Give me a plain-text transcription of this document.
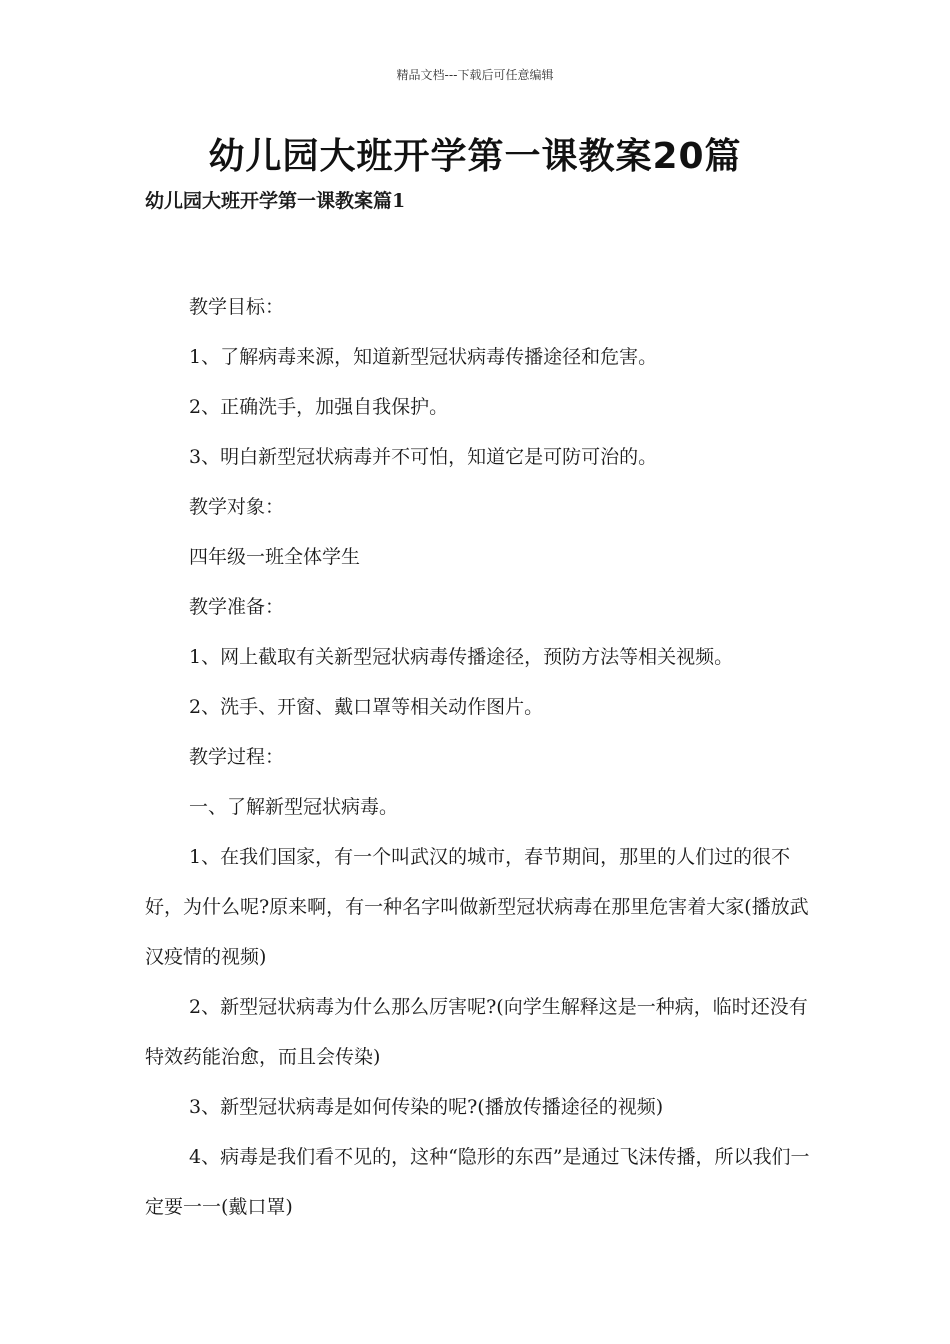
精品文档---下载后可任意编辑
幼儿园大班开学第一课教案20篇
幼儿园大班开学第一课教案篇1

教学目标：

1、了解病毒来源，知道新型冠状病毒传播途径和危害。

2、正确洗手，加强自我保护。

3、明白新型冠状病毒并不可怕，知道它是可防可治的。

教学对象：

四年级一班全体学生

教学准备：

1、网上截取有关新型冠状病毒传播途径，预防方法等相关视频。

2、洗手、开窗、戴口罩等相关动作图片。

教学过程：

一、了解新型冠状病毒。

1、在我们国家，有一个叫武汉的城市，春节期间，那里的人们过的很不好，为什么呢?原来啊，有一种名字叫做新型冠状病毒在那里危害着大家(播放武汉疫情的视频)

2、新型冠状病毒为什么那么厉害呢?(向学生解释这是一种病，临时还没有特效药能治愈，而且会传染)

3、新型冠状病毒是如何传染的呢?(播放传播途径的视频)

4、病毒是我们看不见的，这种“隐形的东西”是通过飞沫传播，所以我们一定要一一(戴口罩)
